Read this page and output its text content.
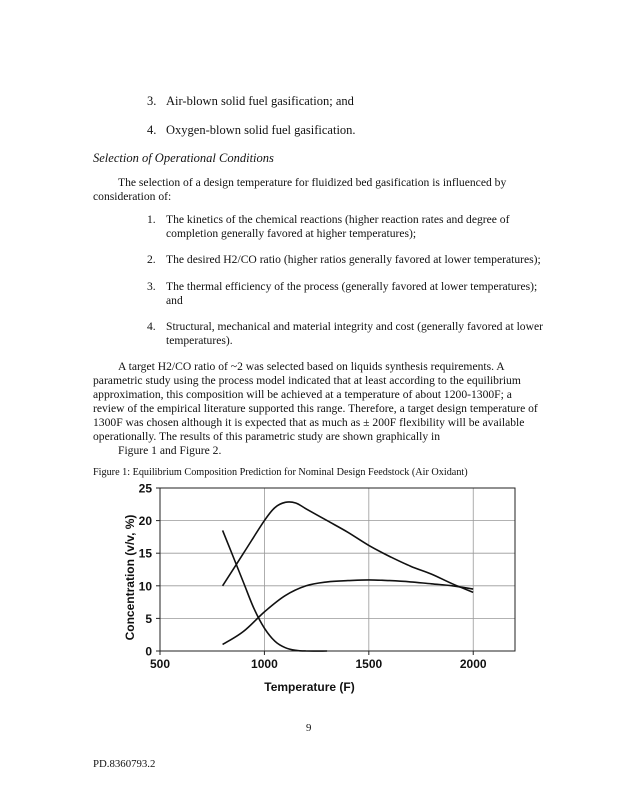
3. Air-blown solid fuel gasification; and
4. Oxygen-blown solid fuel gasification.
Selection of Operational Conditions
The selection of a design temperature for fluidized bed gasification is influenced by consideration of:
1. The kinetics of the chemical reactions (higher reaction rates and degree of
completion generally favored at higher temperatures);
2. The desired H2/CO ratio (higher ratios generally favored at lower temperatures);
3. The thermal efficiency of the process (generally favored at lower temperatures);
and
4. Structural, mechanical and material integrity and cost (generally favored at lower
temperatures).
A target H2/CO ratio of ~2 was selected based on liquids synthesis requirements. A
parametric study using the process model indicated that at least according to the equilibrium
approximation, this composition will be achieved at a temperature of about 1200-1300F; a
review of the empirical literature supported this range. Therefore, a target design temperature of
1300F was chosen although it is expected that as much as ± 200F flexibility will be available
operationally. The results of this parametric study are shown graphically in
Figure 1 and Figure 2.
Figure 1: Equilibrium Composition Prediction for Nominal Design Feedstock (Air Oxidant)
0
5
10
15
20
25
500	1000	1500	2000
Temperature (F)
Concentration (v/v, %)
9
PD.8360793.2
